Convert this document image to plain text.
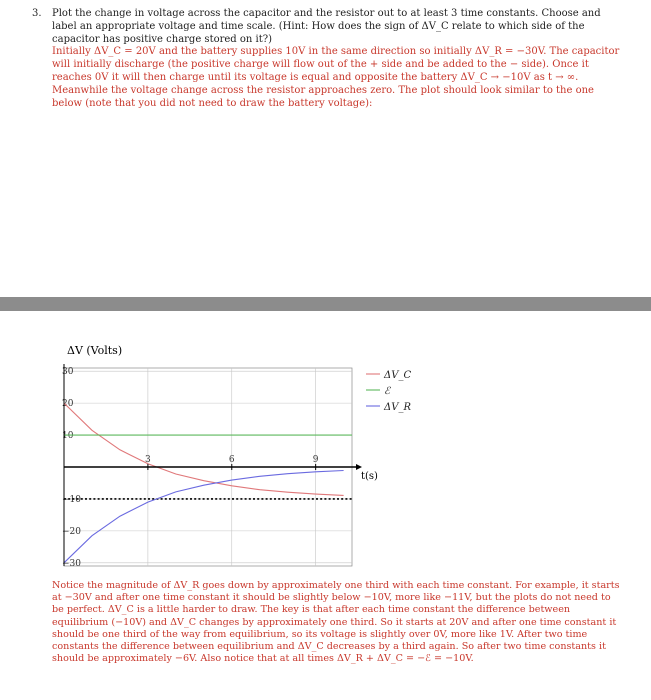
3. Plot the change in voltage across the capacitor and the resistor out to at least 3 time constants. Choose and label an appropriate voltage and time scale. (Hint: How does the sign of ΔV_C relate to which side of the capacitor has positive charge stored on it?)

Initially ΔV_C = 20V and the battery supplies 10V in the same direction so initially ΔV_R = −30V. The capacitor will initially discharge (the positive charge will flow out of the + side and be added to the − side). Once it reaches 0V it will then charge until its voltage is equal and opposite the battery ΔV_C → −10V as t → ∞. Meanwhile the voltage change across the resistor approaches zero. The plot should look similar to the one below (note that you did not need to draw the battery voltage):

30
20
10
−10
−20
−30
3	6	9
ΔV (Volts)
t(s)
ΔV_C
ℰ
ΔV_R

Notice the magnitude of ΔV_R goes down by approximately one third with each time constant. For example, it starts at −30V and after one time constant it should be slightly below −10V, more like −11V, but the plots do not need to be perfect. ΔV_C is a little harder to draw. The key is that after each time constant the difference between equilibrium (−10V) and ΔV_C changes by approximately one third. So it starts at 20V and after one time constant it should be one third of the way from equilibrium, so its voltage is slightly over 0V, more like 1V. After two time constants the difference between equilibrium and ΔV_C decreases by a third again. So after two time constants it should be approximately −6V. Also notice that at all times ΔV_R + ΔV_C = −ℰ = −10V.
